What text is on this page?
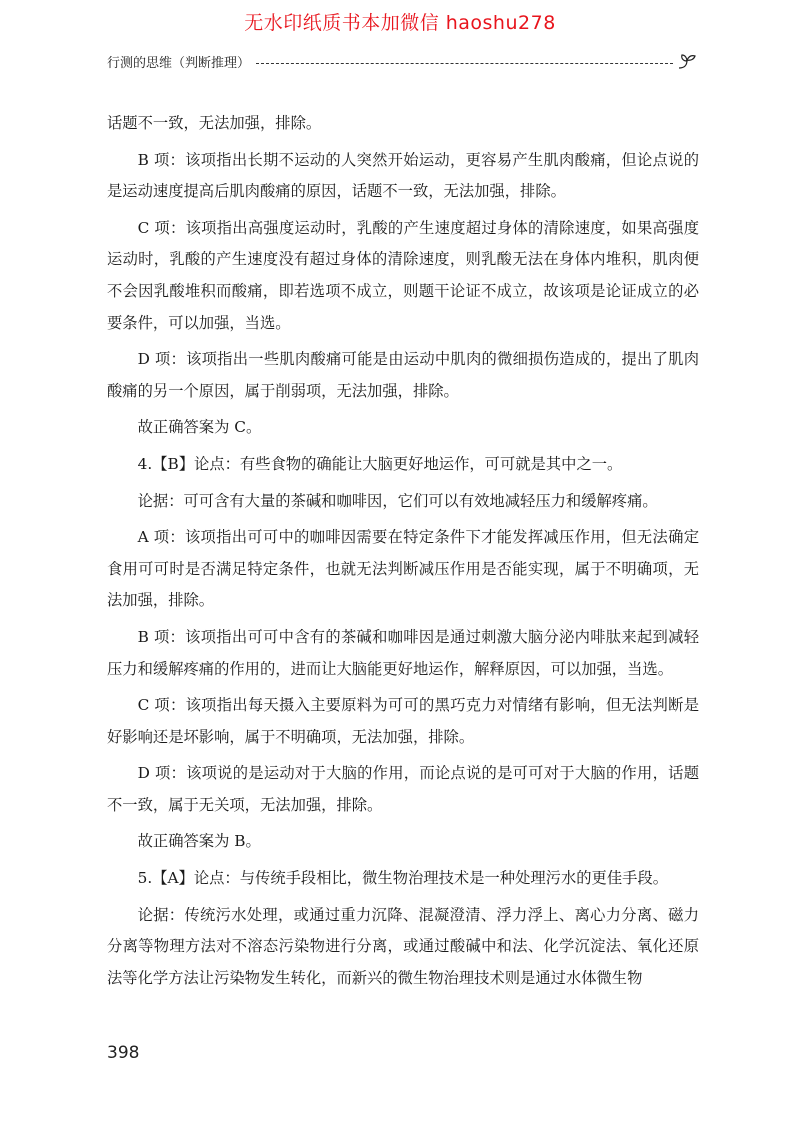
无水印纸质书本加微信 haoshu278
行测的思维（判断推理）

话题不一致，无法加强，排除。

B 项：该项指出长期不运动的人突然开始运动，更容易产生肌肉酸痛，但论点说的是运动速度提高后肌肉酸痛的原因，话题不一致，无法加强，排除。

C 项：该项指出高强度运动时，乳酸的产生速度超过身体的清除速度，如果高强度运动时，乳酸的产生速度没有超过身体的清除速度，则乳酸无法在身体内堆积，肌肉便不会因乳酸堆积而酸痛，即若选项不成立，则题干论证不成立，故该项是论证成立的必要条件，可以加强，当选。

D 项：该项指出一些肌肉酸痛可能是由运动中肌肉的微细损伤造成的，提出了肌肉酸痛的另一个原因，属于削弱项，无法加强，排除。

故正确答案为 C。

4.【B】论点：有些食物的确能让大脑更好地运作，可可就是其中之一。

论据：可可含有大量的茶碱和咖啡因，它们可以有效地减轻压力和缓解疼痛。

A 项：该项指出可可中的咖啡因需要在特定条件下才能发挥减压作用，但无法确定食用可可时是否满足特定条件，也就无法判断减压作用是否能实现，属于不明确项，无法加强，排除。

B 项：该项指出可可中含有的茶碱和咖啡因是通过刺激大脑分泌内啡肽来起到减轻压力和缓解疼痛的作用的，进而让大脑能更好地运作，解释原因，可以加强，当选。

C 项：该项指出每天摄入主要原料为可可的黑巧克力对情绪有影响，但无法判断是好影响还是坏影响，属于不明确项，无法加强，排除。

D 项：该项说的是运动对于大脑的作用，而论点说的是可可对于大脑的作用，话题不一致，属于无关项，无法加强，排除。

故正确答案为 B。

5.【A】论点：与传统手段相比，微生物治理技术是一种处理污水的更佳手段。

论据：传统污水处理，或通过重力沉降、混凝澄清、浮力浮上、离心力分离、磁力分离等物理方法对不溶态污染物进行分离，或通过酸碱中和法、化学沉淀法、氧化还原法等化学方法让污染物发生转化，而新兴的微生物治理技术则是通过水体微生物

398
